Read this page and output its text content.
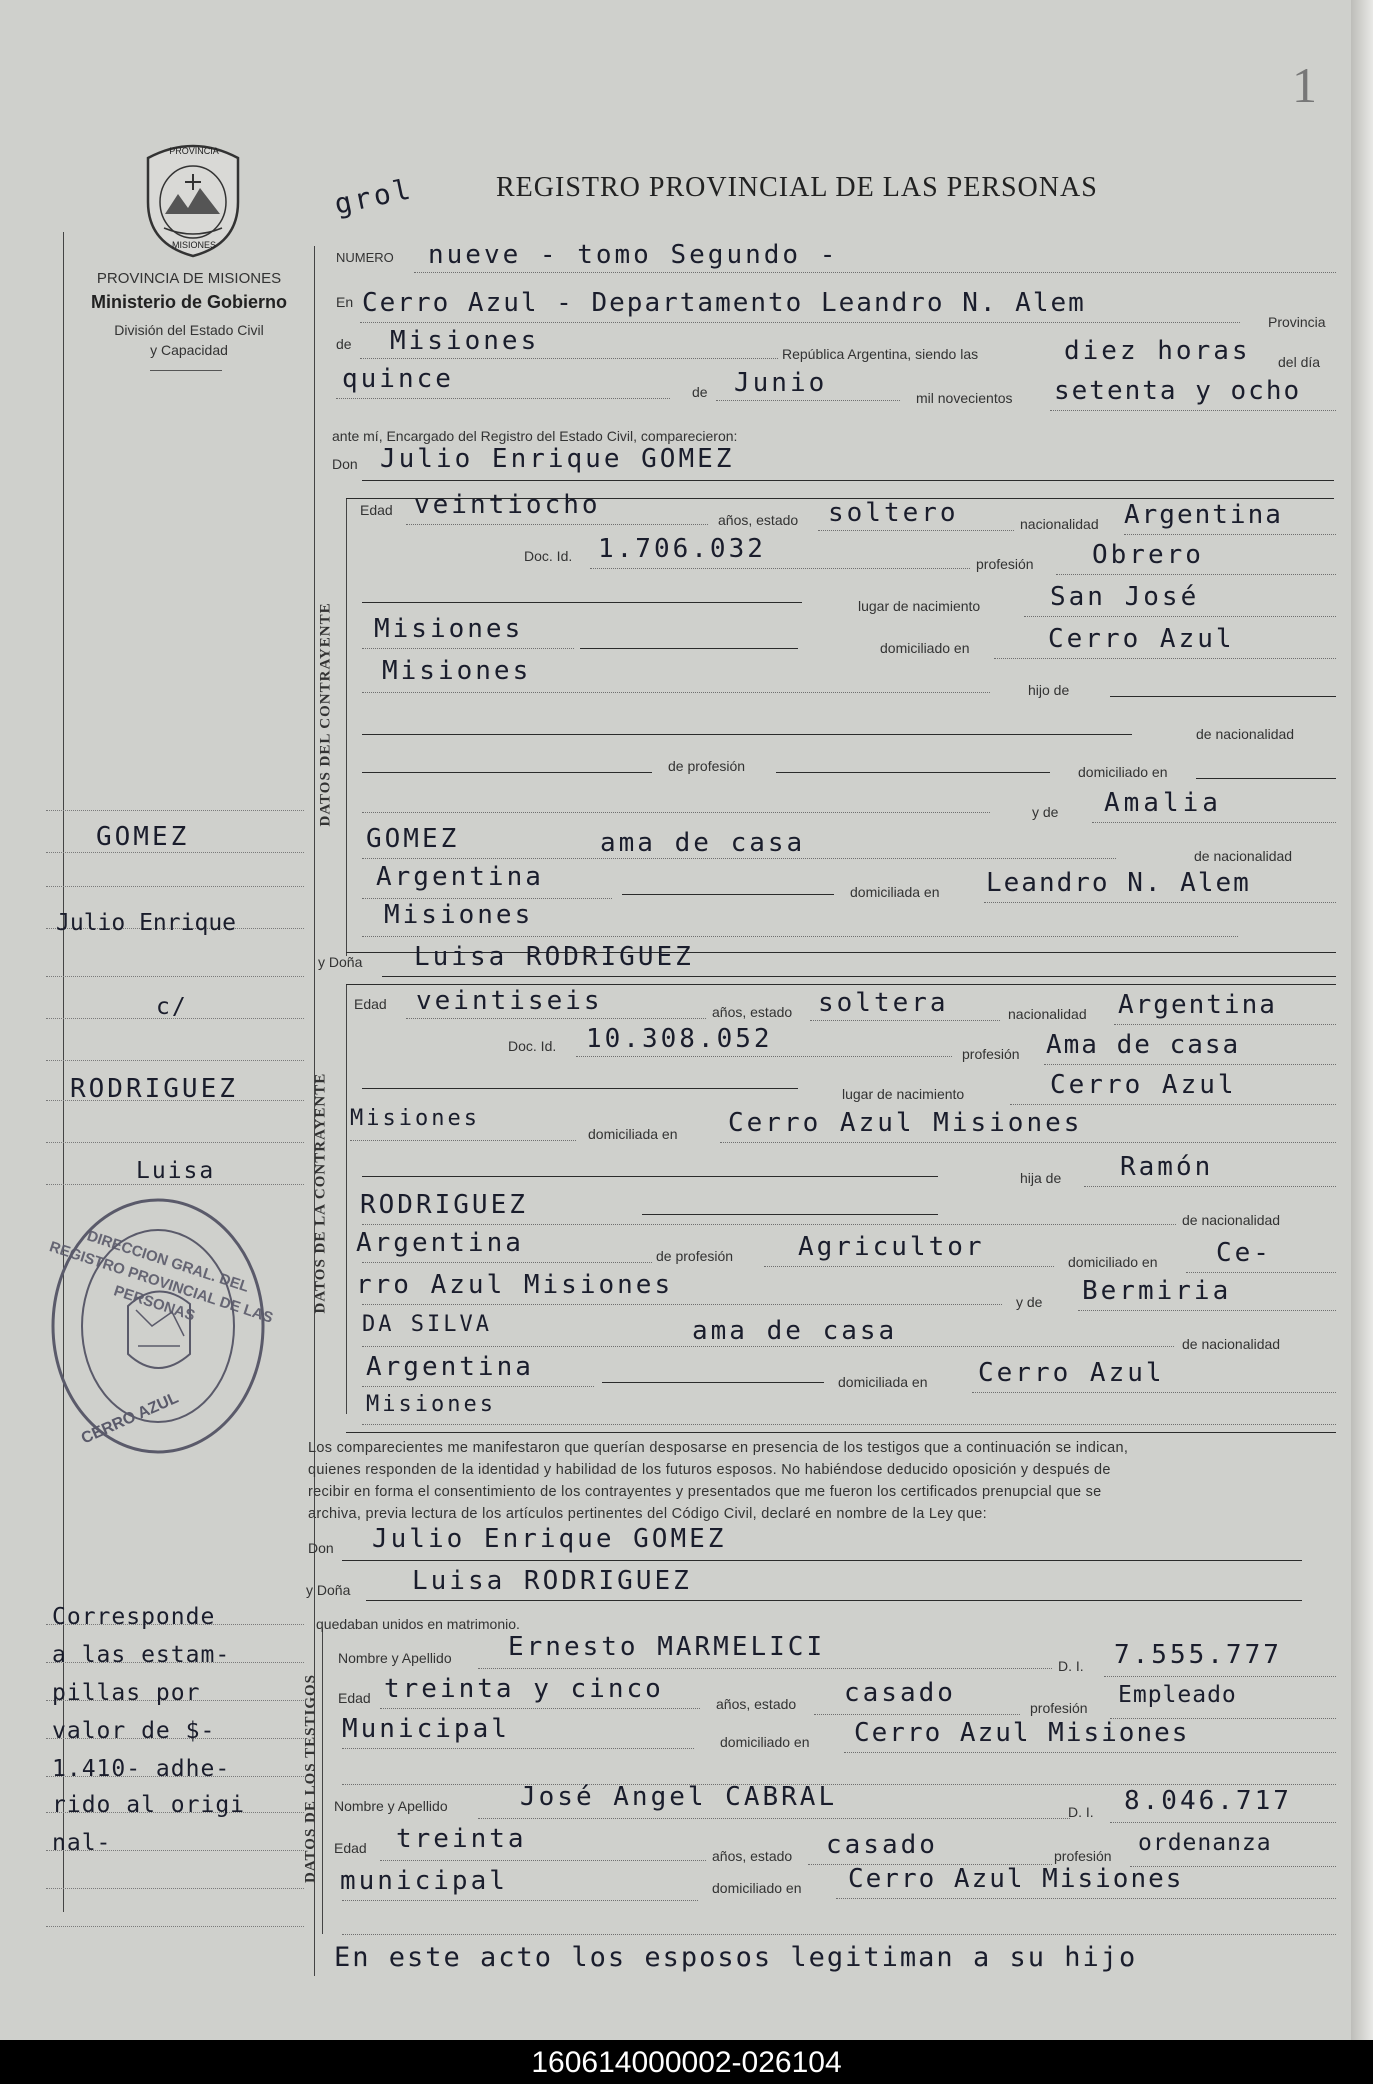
1
grol
PROVINCIA
MISIONES
REGISTRO PROVINCIAL DE LAS PERSONAS
PROVINCIA DE MISIONES
Ministerio de Gobierno
División del Estado Civil
y Capacidad
GOMEZ
Julio Enrique
c/
RODRIGUEZ
Luisa
DIRECCION GRAL. DEL REGISTRO PROVINCIAL DE LAS PERSONAS
CERRO AZUL
Corresponde
a las estam-
pillas por
valor de $-
1.410- adhe-
rido al origi
nal-
NUMERO nueve - tomo Segundo -
En Cerro Azul - Departamento Leandro N. Alem
Provincia
de Misiones	República Argentina, siendo las	diez horas del día
quince	de Junio	mil novecientos setenta y ocho
ante mí, Encargado del Registro del Estado Civil, comparecieron:
Don Julio Enrique GOMEZ
DATOS DEL CONTRAYENTE
Edad veintiocho	años, estado soltero	nacionalidad Argentina
Doc. Id. 1.706.032	profesión Obrero
lugar de nacimiento	San José
Misiones
domiciliado en	Cerro Azul
Misiones
hijo de
de nacionalidad
de profesión	domiciliado en
y de Amalia
GOMEZ	ama de casa	de nacionalidad
Argentina	domiciliada en Leandro N. Alem
Misiones
y Doña Luisa RODRIGUEZ
DATOS DE LA CONTRAYENTE
Edad veintiseis	años, estado soltera	nacionalidad Argentina
Doc. Id. 10.308.052	profesión Ama de casa
lugar de nacimiento	Cerro Azul
Misiones
domiciliada en Cerro Azul Misiones
hija de Ramón
RODRIGUEZ	de nacionalidad
Argentina	de profesión Agricultor	domiciliado en Ce-
rro Azul Misiones
y de Bermiria
DA SILVA	ama de casa	de nacionalidad
Argentina	domiciliada en Cerro Azul
Misiones
Los comparecientes me manifestaron que querían desposarse en presencia de los testigos que a continuación se indican,
quienes responden de la identidad y habilidad de los futuros esposos. No habiéndose deducido oposición y después de
recibir en forma el consentimiento de los contrayentes y presentados que me fueron los certificados prenupcial que se
archiva, previa lectura de los artículos pertinentes del Código Civil, declaré en nombre de la Ley que:
Don Julio Enrique GOMEZ
y Doña Luisa RODRIGUEZ
quedaban unidos en matrimonio.
DATOS DE LOS TESTIGOS
Nombre y Apellido Ernesto MARMELICI
D. I. 7.555.777
Edad treinta y cinco	años, estado casado	profesión Empleado
Municipal	domiciliado en Cerro Azul Misiones
Nombre y Apellido	José Angel CABRAL	D. I. 8.046.717
Edad treinta
años, estado casado	profesión ordenanza
municipal	domiciliado en Cerro Azul Misiones
En este acto los esposos legitiman a su hijo
160614000002-026104
